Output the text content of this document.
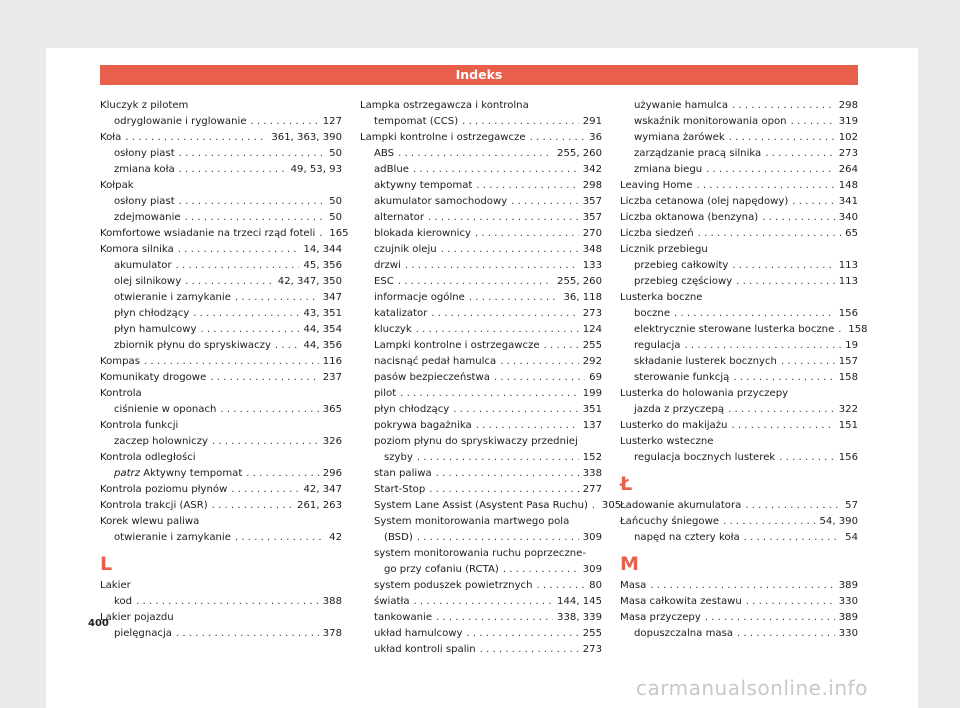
Indeks
Kluczyk z pilotem
odryglowanie i ryglowanie . . .	127
Koła . . .	361, 363, 390
osłony piast . . .	50
zmiana koła . . .	49, 53, 93
Kołpak
osłony piast . . .	50
zdejmowanie . . .	50
Komfortowe wsiadanie na trzeci rząd foteli . . . 165
Komora silnika . . .	14, 344
akumulator . . .	45, 356
olej silnikowy . . .	42, 347, 350
otwieranie i zamykanie . . .	347
płyn chłodzący . . .	43, 351
płyn hamulcowy . . .	44, 354
zbiornik płynu do spryskiwaczy . . .	44, 356
Kompas . . .	116
Komunikaty drogowe . . .	237
Kontrola
ciśnienie w oponach . . .	365
Kontrola funkcji
zaczep holowniczy . . .	326
Kontrola odległości
patrz Aktywny tempomat . . .	296
Kontrola poziomu płynów . . .	42, 347
Kontrola trakcji (ASR) . . .	261, 263
Korek wlewu paliwa
otwieranie i zamykanie . . .	42
L
Lakier
kod . . .	388
Lakier pojazdu
pielęgnacja . . .	378
Lampka ostrzegawcza i kontrolna
tempomat (CCS) . . .	291
Lampki kontrolne i ostrzegawcze . . .	36
ABS . . .	255, 260
adBlue . . .	342
aktywny tempomat . . .	298
akumulator samochodowy . . .	357
alternator . . .	357
blokada kierownicy . . .	270
czujnik oleju . . .	348
drzwi . . .	133
ESC . . .	255, 260
informacje ogólne . . .	36, 118
katalizator . . .	273
kluczyk . . .	124
Lampki kontrolne i ostrzegawcze . . .	255
nacisnąć pedał hamulca . . .	292
pasów bezpieczeństwa . . .	69
pilot . . .	199
płyn chłodzący . . .	351
pokrywa bagażnika . . .	137
poziom płynu do spryskiwaczy przedniej
szyby . . .	152
stan paliwa . . .	338
Start-Stop . . .	277
System Lane Assist (Asystent Pasa Ruchu) . . . 305
System monitorowania martwego pola
(BSD) . . .	309
system monitorowania ruchu poprzeczne-
go przy cofaniu (RCTA) . . .	309
system poduszek powietrznych . . .	80
światła . . .	144, 145
tankowanie . . .	338, 339
układ hamulcowy . . .	255
układ kontroli spalin . . .	273
używanie hamulca . . .	298
wskaźnik monitorowania opon . . .	319
wymiana żarówek . . .	102
zarządzanie pracą silnika . . .	273
zmiana biegu . . .	264
Leaving Home . . .	148
Liczba cetanowa (olej napędowy) . . .	341
Liczba oktanowa (benzyna) . . .	340
Liczba siedzeń . . .	65
Licznik przebiegu
przebieg całkowity . . .	113
przebieg częściowy . . .	113
Lusterka boczne
boczne . . .	156
elektrycznie sterowane lusterka boczne . . . 158
regulacja . . .	19
składanie lusterek bocznych . . .	157
sterowanie funkcją . . .	158
Lusterka do holowania przyczepy
jazda z przyczepą . . .	322
Lusterko do makijażu . . .	151
Lusterko wsteczne
regulacja bocznych lusterek . . .	156
Ł
Ładowanie akumulatora . . .	57
Łańcuchy śniegowe . . .	54, 390
napęd na cztery koła . . .	54
M
Masa . . .	389
Masa całkowita zestawu . . .	330
Masa przyczepy . . .	389
dopuszczalna masa . . .	330
400
carmanualsonline.info
